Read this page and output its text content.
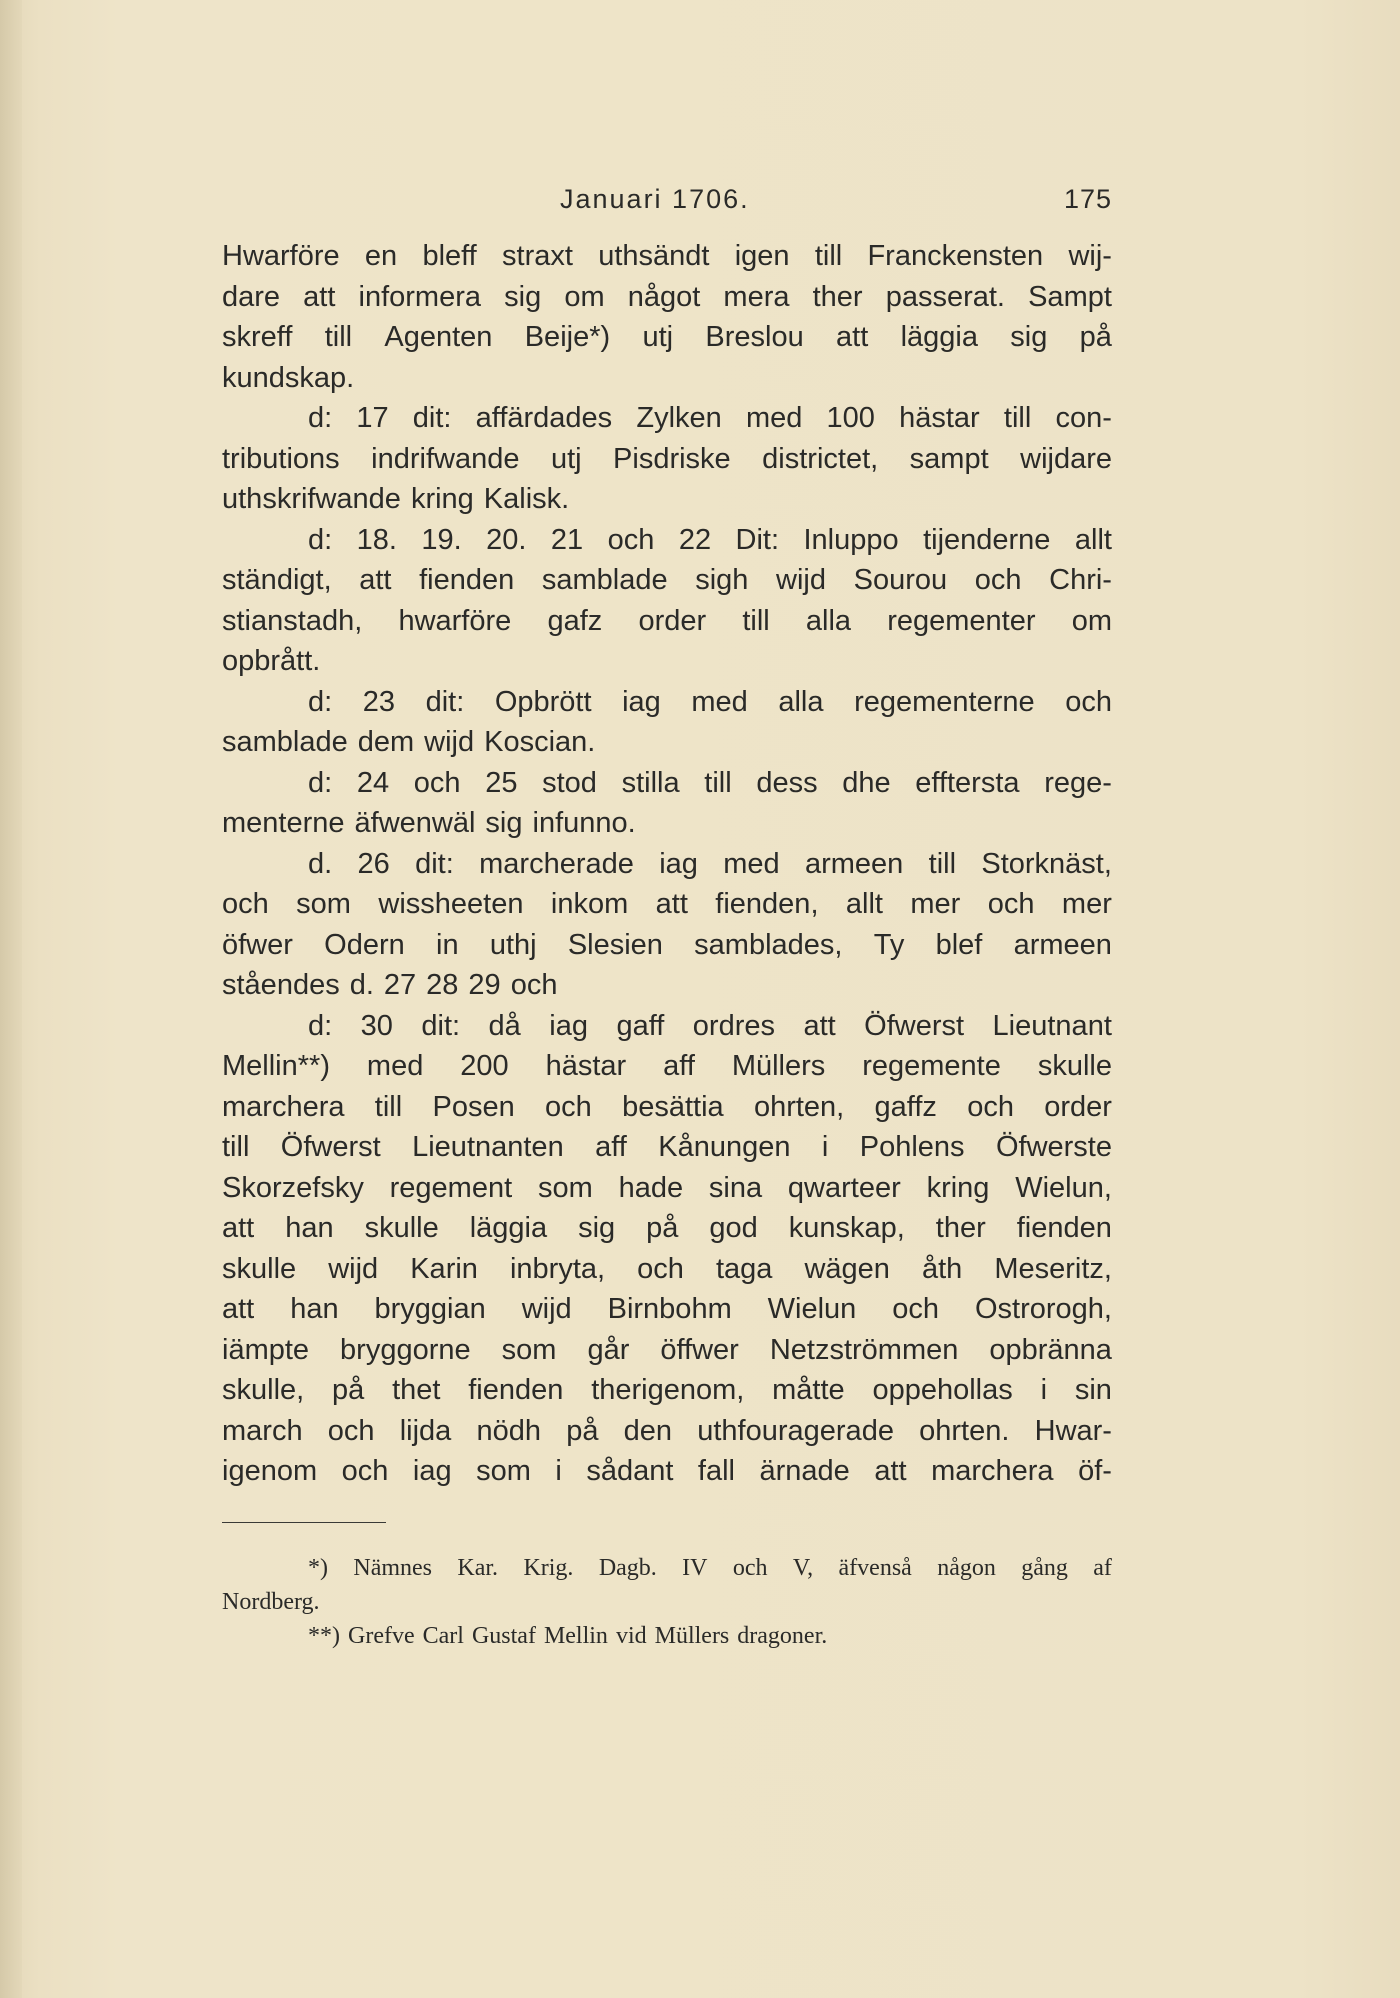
Januari 1706.	175
Hwarföre en bleff straxt uthsändt igen till Franckensten wij-
dare att informera sig om något mera ther passerat. Sampt
skreff till Agenten Beije*) utj Breslou att läggia sig på
kundskap.
d: 17 dit: affärdades Zylken med 100 hästar till con-
tributions indrifwande utj Pisdriske districtet, sampt wijdare
uthskrifwande kring Kalisk.
d: 18. 19. 20. 21 och 22 Dit: Inluppo tijenderne allt
ständigt, att fienden samblade sigh wijd Sourou och Chri-
stianstadh, hwarföre gafz order till alla regementer om
opbrått.
d: 23 dit: Opbrött iag med alla regementerne och
samblade dem wijd Koscian.
d: 24 och 25 stod stilla till dess dhe efftersta rege-
menterne äfwenwäl sig infunno.
d. 26 dit: marcherade iag med armeen till Storknäst,
och som wissheeten inkom att fienden, allt mer och mer
öfwer Odern in uthj Slesien samblades, Ty blef armeen
ståendes d. 27 28 29 och
d: 30 dit: då iag gaff ordres att Öfwerst Lieutnant
Mellin**) med 200 hästar aff Müllers regemente skulle
marchera till Posen och besättia ohrten, gaffz och order
till Öfwerst Lieutnanten aff Kånungen i Pohlens Öfwerste
Skorzefsky regement som hade sina qwarteer kring Wielun,
att han skulle läggia sig på god kunskap, ther fienden
skulle wijd Karin inbryta, och taga wägen åth Meseritz,
att han bryggian wijd Birnbohm Wielun och Ostrorogh,
iämpte bryggorne som går öffwer Netzströmmen opbränna
skulle, på thet fienden therigenom, måtte oppehollas i sin
march och lijda nödh på den uthfouragerade ohrten. Hwar-
igenom och iag som i sådant fall ärnade att marchera öf-
*) Nämnes Kar. Krig. Dagb. IV och V, äfvenså någon gång af
Nordberg.
**) Grefve Carl Gustaf Mellin vid Müllers dragoner.
